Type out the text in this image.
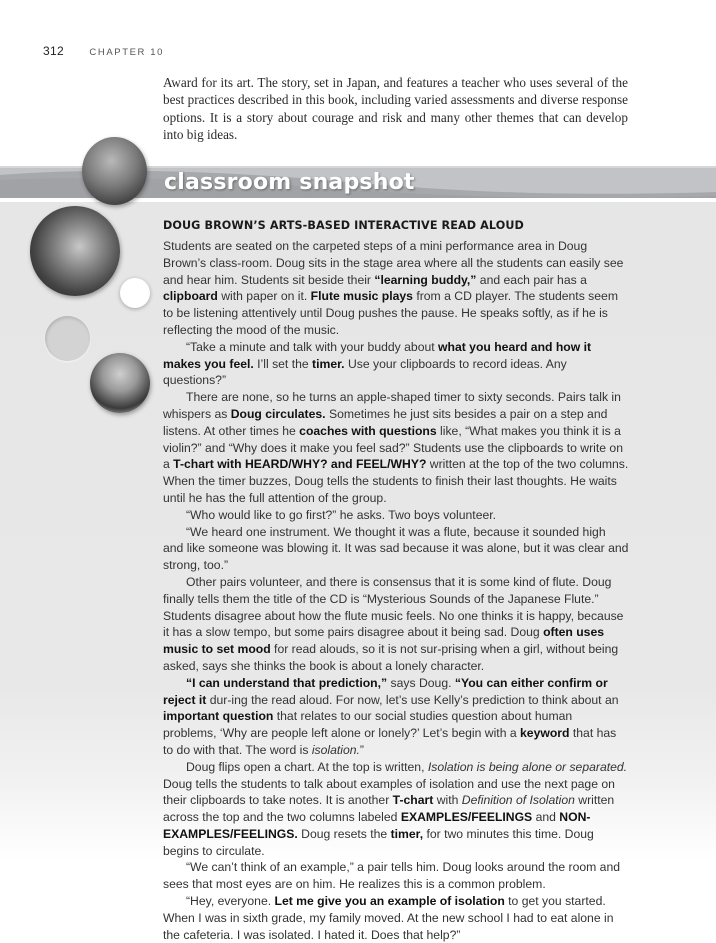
312	CHAPTER 10
Award for its art. The story, set in Japan, and features a teacher who uses several of the best practices described in this book, including varied assessments and diverse response options. It is a story about courage and risk and many other themes that can develop into big ideas.
classroom snapshot
DOUG BROWN’S ARTS-BASED INTERACTIVE READ ALOUD

Students are seated on the carpeted steps of a mini performance area in Doug Brown’s class-room. Doug sits in the stage area where all the students can easily see and hear him. Students sit beside their “learning buddy,” and each pair has a clipboard with paper on it. Flute music plays from a CD player. The students seem to be listening attentively until Doug pushes the pause. He speaks softly, as if he is reflecting the mood of the music.

“Take a minute and talk with your buddy about what you heard and how it makes you feel. I’ll set the timer. Use your clipboards to record ideas. Any questions?”

There are none, so he turns an apple-shaped timer to sixty seconds. Pairs talk in whispers as Doug circulates. Sometimes he just sits besides a pair on a step and listens. At other times he coaches with questions like, “What makes you think it is a violin?” and “Why does it make you feel sad?” Students use the clipboards to write on a T-chart with HEARD/WHY? and FEEL/WHY? written at the top of the two columns. When the timer buzzes, Doug tells the students to finish their last thoughts. He waits until he has the full attention of the group.

“Who would like to go first?” he asks. Two boys volunteer.

“We heard one instrument. We thought it was a flute, because it sounded high and like someone was blowing it. It was sad because it was alone, but it was clear and strong, too.”

Other pairs volunteer, and there is consensus that it is some kind of flute. Doug finally tells them the title of the CD is “Mysterious Sounds of the Japanese Flute.” Students disagree about how the flute music feels. No one thinks it is happy, because it has a slow tempo, but some pairs disagree about it being sad. Doug often uses music to set mood for read alouds, so it is not sur-prising when a girl, without being asked, says she thinks the book is about a lonely character.

“I can understand that prediction,” says Doug. “You can either confirm or reject it dur-ing the read aloud. For now, let’s use Kelly’s prediction to think about an important question that relates to our social studies question about human problems, ‘Why are people left alone or lonely?’ Let’s begin with a keyword that has to do with that. The word is isolation.”

Doug flips open a chart. At the top is written, Isolation is being alone or separated. Doug tells the students to talk about examples of isolation and use the next page on their clipboards to take notes. It is another T-chart with Definition of Isolation written across the top and the two columns labeled EXAMPLES/FEELINGS and NON-EXAMPLES/FEELINGS. Doug resets the timer, for two minutes this time. Doug begins to circulate.

“We can’t think of an example,” a pair tells him. Doug looks around the room and sees that most eyes are on him. He realizes this is a common problem.

“Hey, everyone. Let me give you an example of isolation to get you started. When I was in sixth grade, my family moved. At the new school I had to eat alone in the cafeteria. I was isolated. I hated it. Does that help?”
